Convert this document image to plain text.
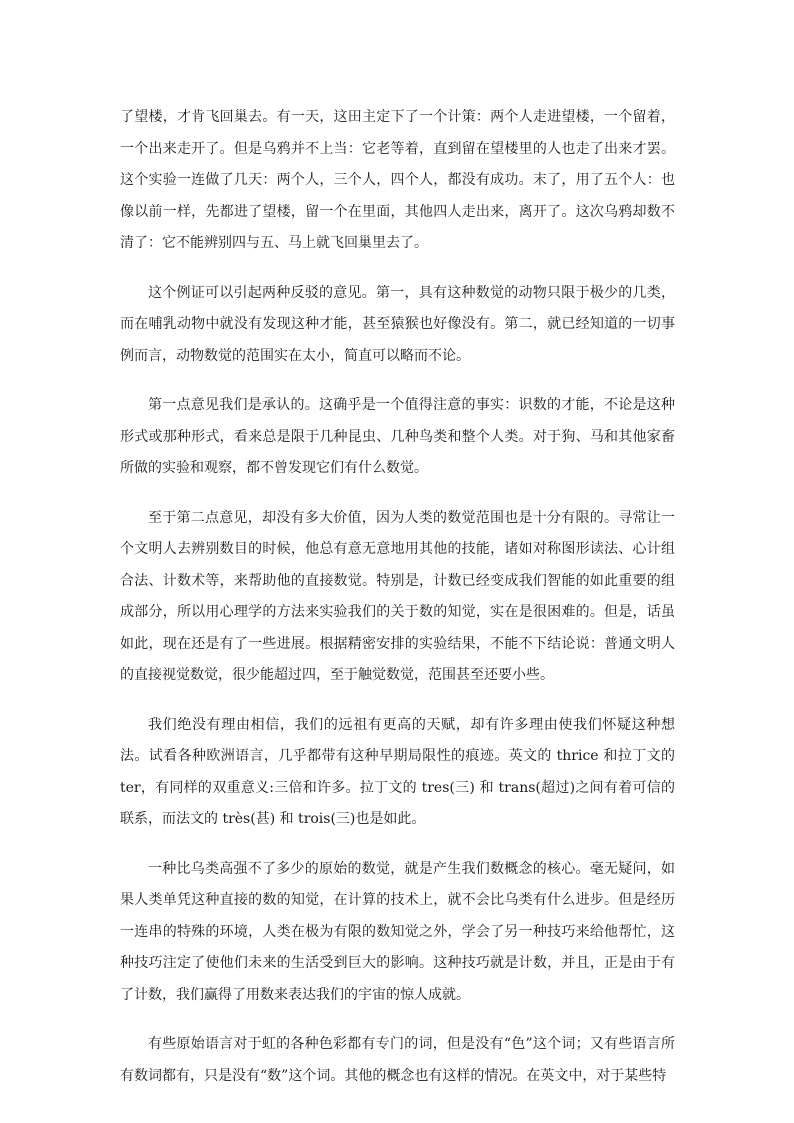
了望楼，才肯飞回巢去。有一天，这田主定下了一个计策：两个人走进望楼，一个留着，一个出来走开了。但是乌鸦并不上当：它老等着，直到留在望楼里的人也走了出来才罢。这个实验一连做了几天：两个人，三个人，四个人，都没有成功。末了，用了五个人：也像以前一样，先都进了望楼，留一个在里面，其他四人走出来，离开了。这次乌鸦却数不清了：它不能辨别四与五、马上就飞回巢里去了。

这个例证可以引起两种反驳的意见。第一，具有这种数觉的动物只限于极少的几类，而在哺乳动物中就没有发现这种才能，甚至猿猴也好像没有。第二，就已经知道的一切事例而言，动物数觉的范围实在太小，简直可以略而不论。

第一点意见我们是承认的。这确乎是一个值得注意的事实：识数的才能，不论是这种形式或那种形式，看来总是限于几种昆虫、几种鸟类和整个人类。对于狗、马和其他家畜所做的实验和观察，都不曾发现它们有什么数觉。

至于第二点意见，却没有多大价值，因为人类的数觉范围也是十分有限的。寻常让一个文明人去辨别数目的时候，他总有意无意地用其他的技能，诸如对称图形读法、心计组合法、计数术等，来帮助他的直接数觉。特别是，计数已经变成我们智能的如此重要的组成部分，所以用心理学的方法来实验我们的关于数的知觉，实在是很困难的。但是，话虽如此，现在还是有了一些进展。根据精密安排的实验结果，不能不下结论说：普通文明人的直接视觉数觉，很少能超过四，至于触觉数觉，范围甚至还要小些。

我们绝没有理由相信，我们的远祖有更高的天赋，却有许多理由使我们怀疑这种想法。试看各种欧洲语言，几乎都带有这种早期局限性的痕迹。英文的 thrice 和拉丁文的 ter，有同样的双重意义:三倍和许多。拉丁文的 tres(三) 和 trans(超过)之间有着可信的联系，而法文的 très(甚) 和 trois(三)也是如此。

一种比乌类高强不了多少的原始的数觉，就是产生我们数概念的核心。毫无疑问，如果人类单凭这种直接的数的知觉，在计算的技术上，就不会比乌类有什么进步。但是经历一连串的特殊的环境，人类在极为有限的数知觉之外，学会了另一种技巧来给他帮忙，这种技巧注定了使他们未来的生活受到巨大的影响。这种技巧就是计数，并且，正是由于有了计数，我们赢得了用数来表达我们的宇宙的惊人成就。

有些原始语言对于虹的各种色彩都有专门的词，但是没有“色”这个词；又有些语言所有数词都有，只是没有“数”这个词。其他的概念也有这样的情况。在英文中，对于某些特
